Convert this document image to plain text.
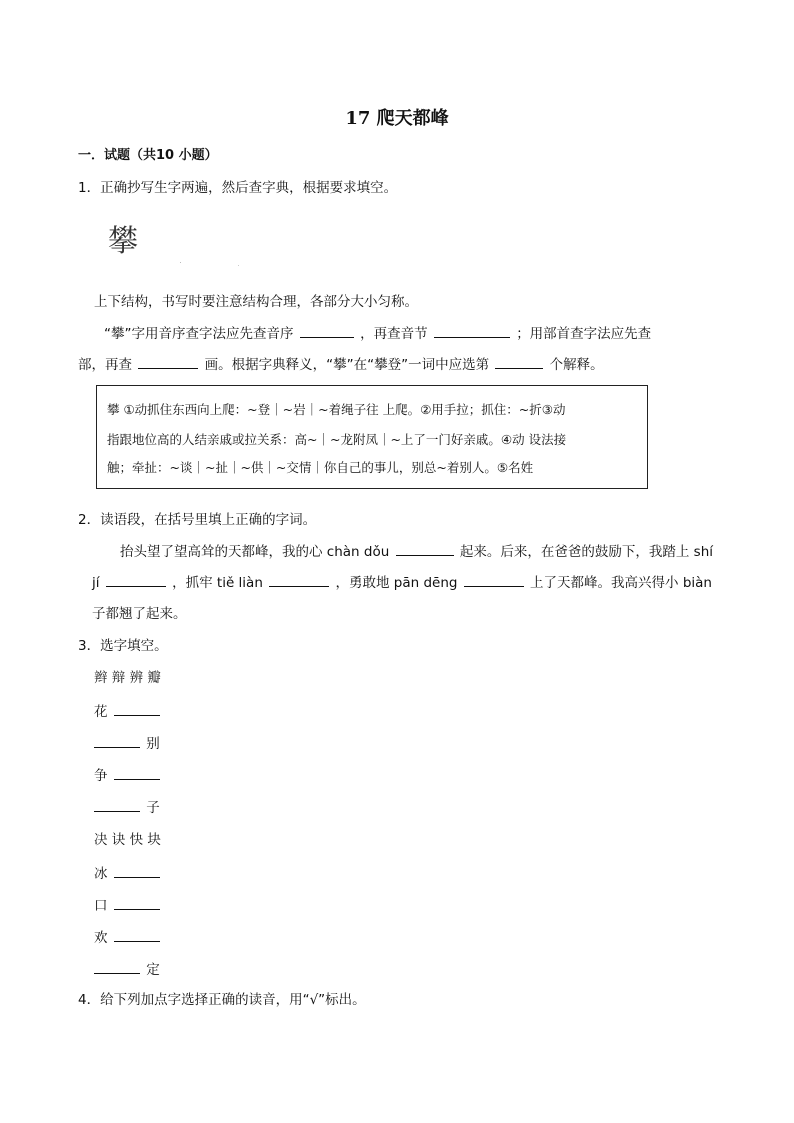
17 爬天都峰
一．试题（共10 小题）
1．正确抄写生字两遍，然后查字典，根据要求填空。
攀
上下结构，书写时要注意结构合理，各部分大小匀称。
“攀”字用音序查字法应先查音序	，再查音节	；用部首查字法应先查
部，再查	画。根据字典释义，“攀”在“攀登”一词中应选第	个解释。
攀 ①动抓住东西向上爬：~登｜~岩｜~着绳子往 上爬。②用手拉；抓住：~折③动
指跟地位高的人结亲戚或拉关系：高~｜~龙附凤｜~上了一门好亲戚。④动 设法接
触；牵扯：~谈｜~扯｜~供｜~交情｜你自己的事儿，别总~着别人。⑤名姓
2．读语段，在括号里填上正确的字词。
抬头望了望高耸的天都峰，我的心 chàn dǒu	起来。后来，在爸爸的鼓励下，我踏上 shí
jí	，抓牢 tiě liàn	，勇敢地 pān dēng	上了天都峰。我高兴得小 biàn
子都翘了起来。
3．选字填空。
辫 辩 辨 瓣
花
别
争
子
决 诀 快 块
冰
口
欢
定
4．给下列加点字选择正确的读音，用“√”标出。
